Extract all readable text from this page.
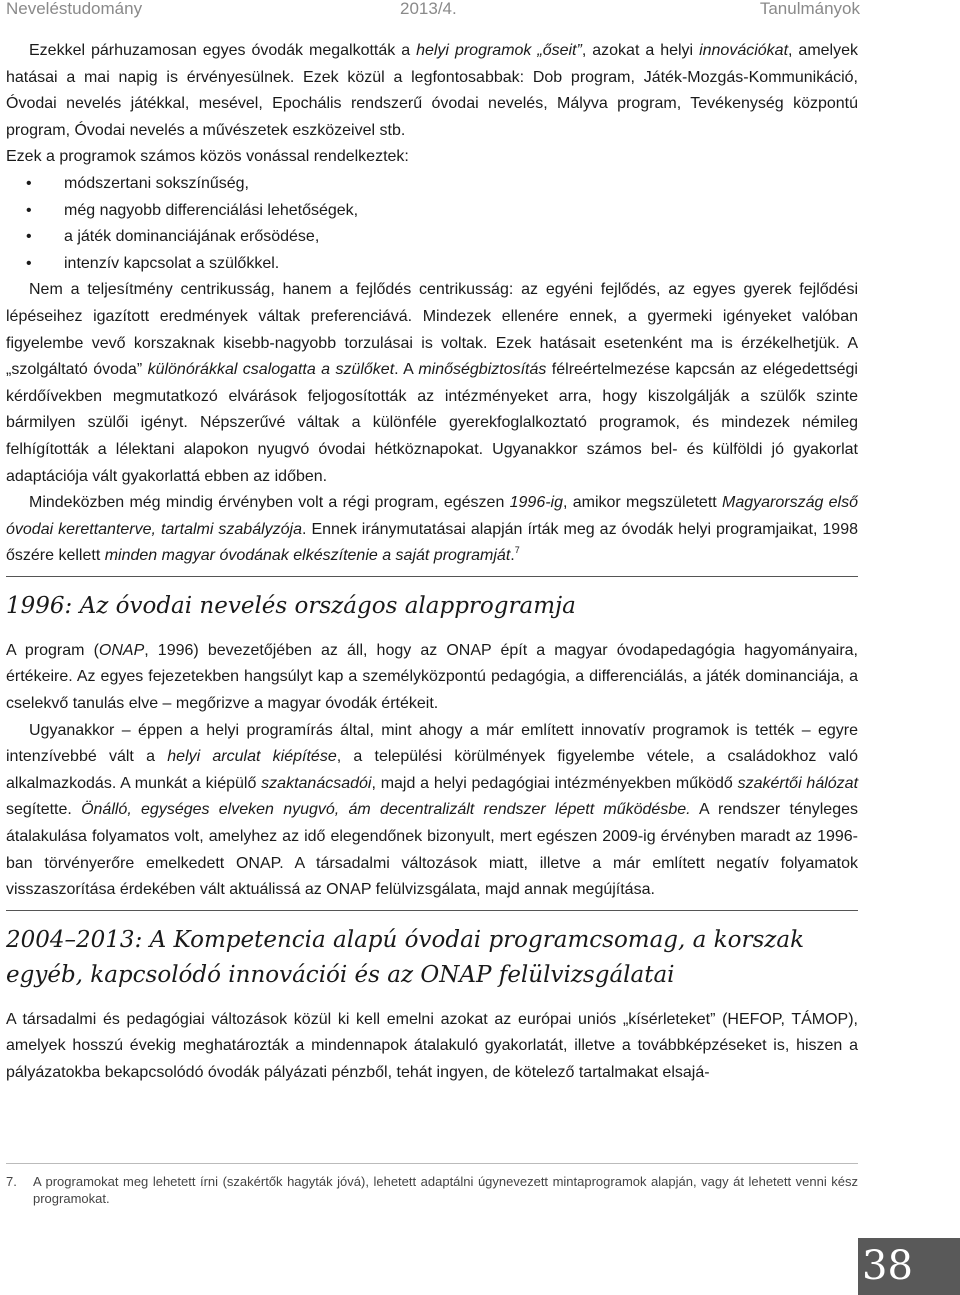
Neveléstudomány	2013/4.	Tanulmányok

Ezekkel párhuzamosan egyes óvodák megalkották a helyi programok „őseit”, azokat a helyi innovációkat, amelyek hatásai a mai napig is érvényesülnek. Ezek közül a legfontosabbak: Dob program, Játék-Mozgás-Kommunikáció, Óvodai nevelés játékkal, mesével, Epochális rendszerű óvodai nevelés, Mályva program, Tevékenység központú program, Óvodai nevelés a művészetek eszközeivel stb.

Ezek a programok számos közös vonással rendelkeztek:

• módszertani sokszínűség,
• még nagyobb differenciálási lehetőségek,
• a játék dominanciájának erősödése,
• intenzív kapcsolat a szülőkkel.

Nem a teljesítmény centrikusság, hanem a fejlődés centrikusság: az egyéni fejlődés, az egyes gyerek fejlődési lépéseihez igazított eredmények váltak preferenciává. Mindezek ellenére ennek, a gyermeki igényeket valóban figyelembe vevő korszaknak kisebb-nagyobb torzulásai is voltak. Ezek hatásait esetenként ma is érzékelhetjük. A „szolgáltató óvoda” különórákkal csalogatta a szülőket. A minőségbiztosítás félreértelmezése kapcsán az elégedettségi kérdőívekben megmutatkozó elvárások feljogosították az intézményeket arra, hogy kiszolgálják a szülők szinte bármilyen szülői igényt. Népszerűvé váltak a különféle gyerekfoglalkoztató programok, és mindezek némileg felhígították a lélektani alapokon nyugvó óvodai hétköznapokat. Ugyanakkor számos bel- és külföldi jó gyakorlat adaptációja vált gyakorlattá ebben az időben.

Mindeközben még mindig érvényben volt a régi program, egészen 1996-ig, amikor megszületett Magyarország első óvodai kerettanterve, tartalmi szabályzója. Ennek iránymutatásai alapján írták meg az óvodák helyi programjaikat, 1998 őszére kellett minden magyar óvodának elkészítenie a saját programját.$^7$

1996: Az óvodai nevelés országos alapprogramja

A program (ONAP, 1996) bevezetőjében az áll, hogy az ONAP épít a magyar óvodapedagógia hagyományaira, értékeire. Az egyes fejezetekben hangsúlyt kap a személyközpontú pedagógia, a differenciálás, a játék dominanciája, a cselekvő tanulás elve – megőrizve a magyar óvodák értékeit.

Ugyanakkor – éppen a helyi programírás által, mint ahogy a már említett innovatív programok is tették – egyre intenzívebbé vált a helyi arculat kiépítése, a települési körülmények figyelembe vétele, a családokhoz való alkalmazkodás. A munkát a kiépülő szaktanácsadói, majd a helyi pedagógiai intézményekben működő szakértői hálózat segítette. Önálló, egységes elveken nyugvó, ám decentralizált rendszer lépett működésbe. A rendszer tényleges átalakulása folyamatos volt, amelyhez az idő elegendőnek bizonyult, mert egészen 2009-ig érvényben maradt az 1996-ban törvényerőre emelkedett ONAP. A társadalmi változások miatt, illetve a már említett negatív folyamatok visszaszorítása érdekében vált aktuálissá az ONAP felülvizsgálata, majd annak megújítása.

2004–2013: A Kompetencia alapú óvodai programcsomag, a korszak egyéb, kapcsolódó innovációi és az ONAP felülvizsgálatai

A társadalmi és pedagógiai változások közül ki kell emelni azokat az európai uniós „kísérleteket” (HEFOP, TÁMOP), amelyek hosszú évekig meghatározták a mindennapok átalakuló gyakorlatát, illetve a továbbképzéseket is, hiszen a pályázatokba bekapcsolódó óvodák pályázati pénzből, tehát ingyen, de kötelező tartalmakat elsajá-

7. A programokat meg lehetett írni (szakértők hagyták jóvá), lehetett adaptálni úgynevezett mintaprogramok alapján, vagy át lehetett venni kész programokat.
38
